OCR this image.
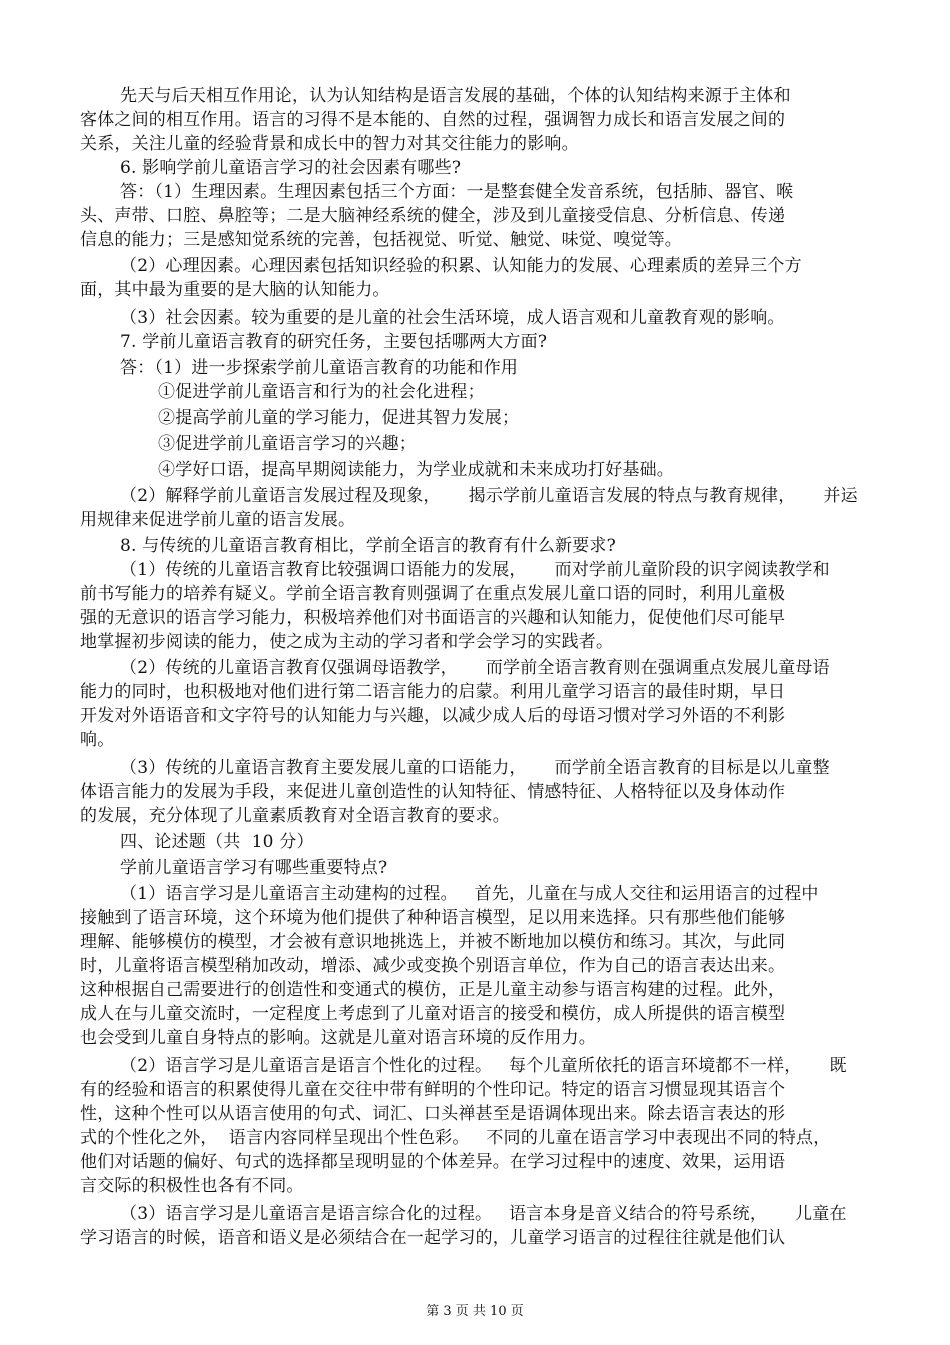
先天与后天相互作用论，认为认知结构是语言发展的基础，个体的认知结构来源于主体和
客体之间的相互作用。语言的习得不是本能的、自然的过程，强调智力成长和语言发展之间的
关系，关注儿童的经验背景和成长中的智力对其交往能力的影响。
6. 影响学前儿童语言学习的社会因素有哪些?
答：（1）生理因素。生理因素包括三个方面：一是整套健全发音系统，包括肺、器官、喉
头、声带、口腔、鼻腔等；二是大脑神经系统的健全，涉及到儿童接受信息、分析信息、传递
信息的能力；三是感知觉系统的完善，包括视觉、听觉、触觉、味觉、嗅觉等。
（2）心理因素。心理因素包括知识经验的积累、认知能力的发展、心理素质的差异三个方
面，其中最为重要的是大脑的认知能力。
（3）社会因素。较为重要的是儿童的社会生活环境，成人语言观和儿童教育观的影响。
7. 学前儿童语言教育的研究任务，主要包括哪两大方面?
答：（1）进一步探索学前儿童语言教育的功能和作用
①促进学前儿童语言和行为的社会化进程；
②提高学前儿童的学习能力，促进其智力发展；
③促进学前儿童语言学习的兴趣；
④学好口语，提高早期阅读能力，为学业成就和未来成功打好基础。
（2）解释学前儿童语言发展过程及现象，     揭示学前儿童语言发展的特点与教育规律，     并运
用规律来促进学前儿童的语言发展。
8. 与传统的儿童语言教育相比，学前全语言的教育有什么新要求?
（1）传统的儿童语言教育比较强调口语能力的发展，     而对学前儿童阶段的识字阅读教学和
前书写能力的培养有疑义。学前全语言教育则强调了在重点发展儿童口语的同时，利用儿童极
强的无意识的语言学习能力，积极培养他们对书面语言的兴趣和认知能力，促使他们尽可能早
地掌握初步阅读的能力，使之成为主动的学习者和学会学习的实践者。
（2）传统的儿童语言教育仅强调母语教学，     而学前全语言教育则在强调重点发展儿童母语
能力的同时，也积极地对他们进行第二语言能力的启蒙。利用儿童学习语言的最佳时期，早日
开发对外语语音和文字符号的认知能力与兴趣，以减少成人后的母语习惯对学习外语的不利影
响。
（3）传统的儿童语言教育主要发展儿童的口语能力，     而学前全语言教育的目标是以儿童整
体语言能力的发展为手段，来促进儿童创造性的认知特征、情感特征、人格特征以及身体动作
的发展，充分体现了儿童素质教育对全语言教育的要求。
四、论述题（共  10 分）
学前儿童语言学习有哪些重要特点?
（1）语言学习是儿童语言主动建构的过程。   首先，儿童在与成人交往和运用语言的过程中
接触到了语言环境，这个环境为他们提供了种种语言模型，足以用来选择。只有那些他们能够
理解、能够模仿的模型，才会被有意识地挑选上，并被不断地加以模仿和练习。其次，与此同
时，儿童将语言模型稍加改动，增添、减少或变换个别语言单位，作为自己的语言表达出来。
这种根据自己需要进行的创造性和变通式的模仿，正是儿童主动参与语言构建的过程。此外，
成人在与儿童交流时，一定程度上考虑到了儿童对语言的接受和模仿，成人所提供的语言模型
也会受到儿童自身特点的影响。这就是儿童对语言环境的反作用力。
（2）语言学习是儿童语言是语言个性化的过程。   每个儿童所依托的语言环境都不一样，     既
有的经验和语言的积累使得儿童在交往中带有鲜明的个性印记。特定的语言习惯显现其语言个
性，这种个性可以从语言使用的句式、词汇、口头禅甚至是语调体现出来。除去语言表达的形
式的个性化之外，  语言内容同样呈现出个性色彩。   不同的儿童在语言学习中表现出不同的特点，
他们对话题的偏好、句式的选择都呈现明显的个体差异。在学习过程中的速度、效果，运用语
言交际的积极性也各有不同。
（3）语言学习是儿童语言是语言综合化的过程。   语言本身是音义结合的符号系统，     儿童在
学习语言的时候，语音和语义是必须结合在一起学习的，儿童学习语言的过程往往就是他们认
第 3 页 共 10 页
